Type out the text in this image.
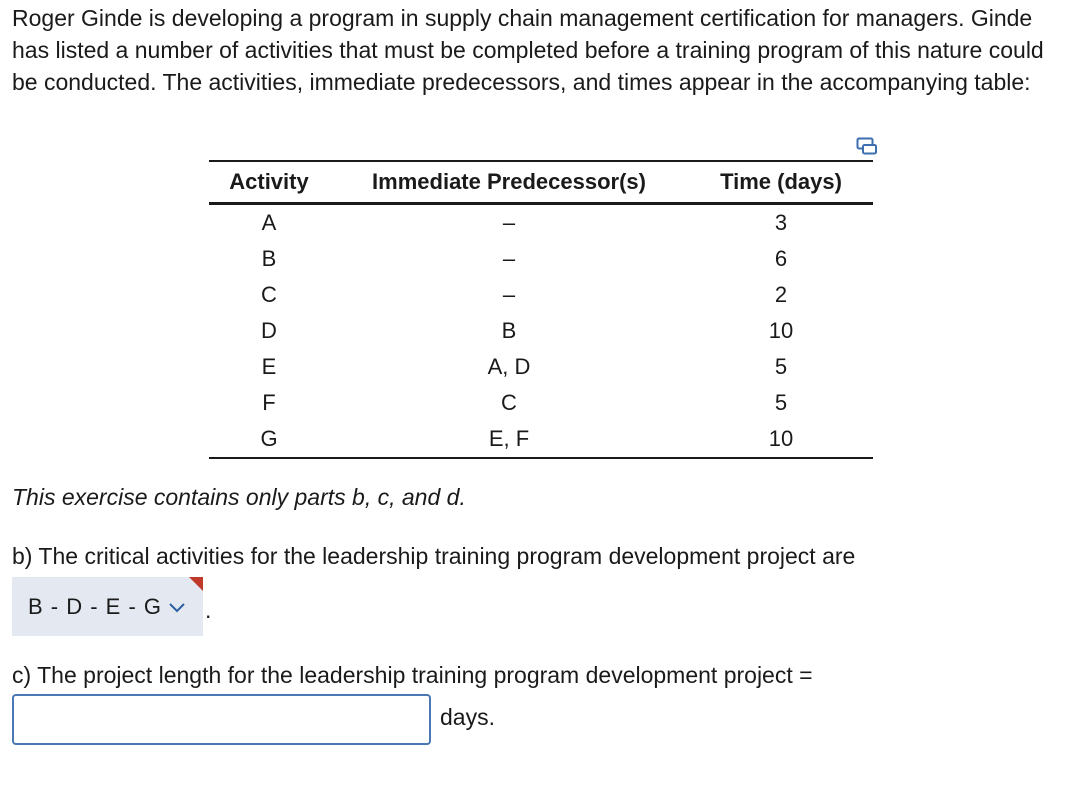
Roger Ginde is developing a program in supply chain management certification for managers. Ginde has listed a number of activities that must be completed before a training program of this nature could be conducted. The activities, immediate predecessors, and times appear in the accompanying table:

Activity	Immediate Predecessor(s)	Time (days)
A	–	3
B	–	6
C	–	2
D	B	10
E	A, D	5
F	C	5
G	E, F	10

This exercise contains only parts b, c, and d.

b) The critical activities for the leadership training program development project are

B - D - E - G .

c) The project length for the leadership training program development project =

days.
